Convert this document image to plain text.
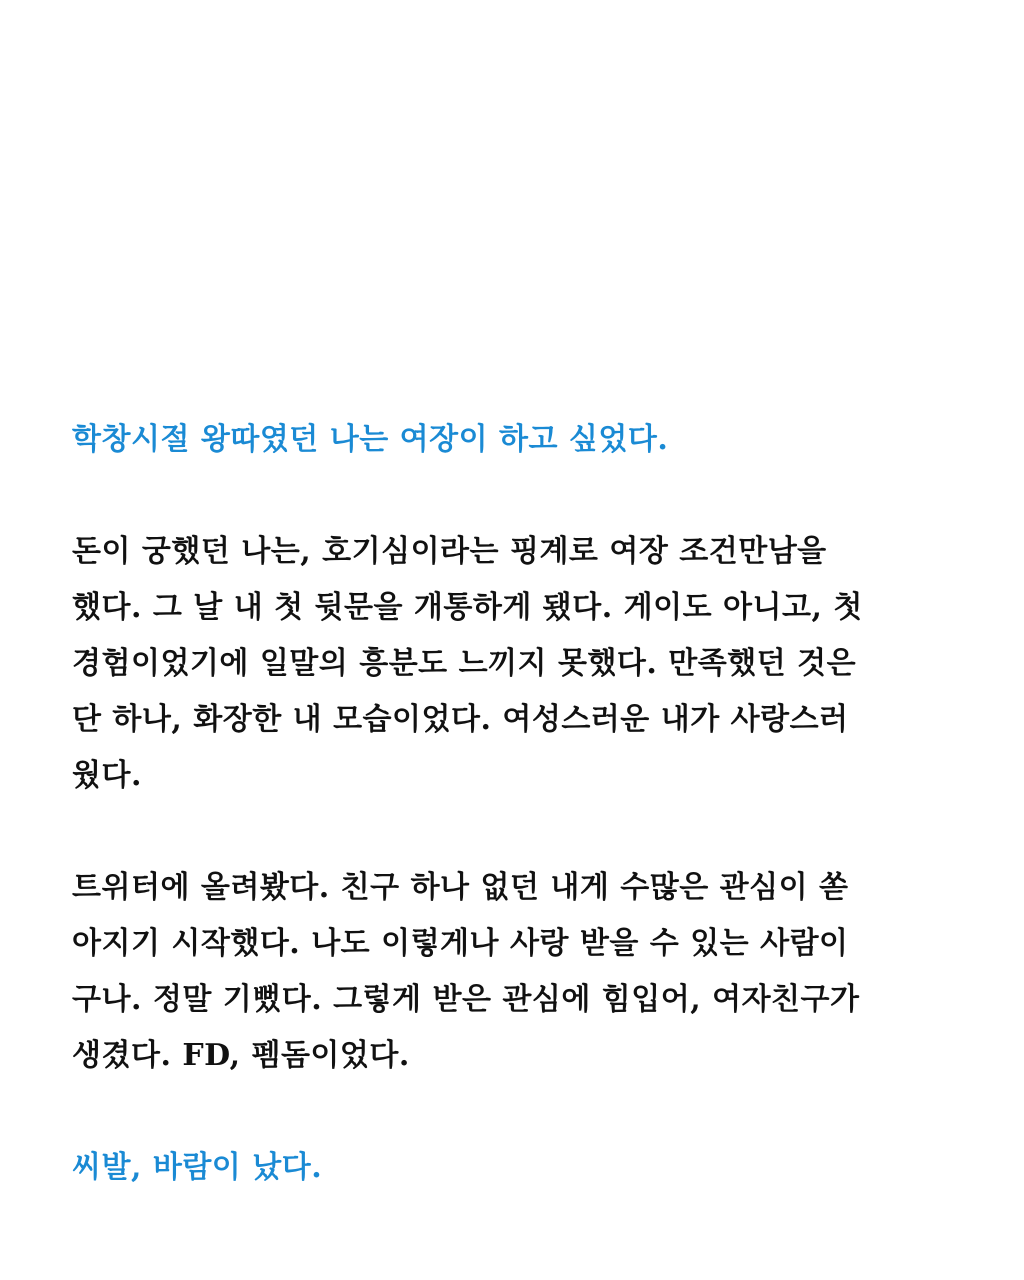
학창시절 왕따였던 나는 여장이 하고 싶었다.

돈이 궁했던 나는, 호기심이라는 핑계로 여장 조건만남을
했다. 그 날 내 첫 뒷문을 개통하게 됐다. 게이도 아니고, 첫
경험이었기에 일말의 흥분도 느끼지 못했다. 만족했던 것은
단 하나, 화장한 내 모습이었다. 여성스러운 내가 사랑스러
웠다.

트위터에 올려봤다. 친구 하나 없던 내게 수많은 관심이 쏟
아지기 시작했다. 나도 이렇게나 사랑 받을 수 있는 사람이
구나. 정말 기뻤다. 그렇게 받은 관심에 힘입어, 여자친구가
생겼다. FD, 펨돔이었다.

씨발, 바람이 났다.
